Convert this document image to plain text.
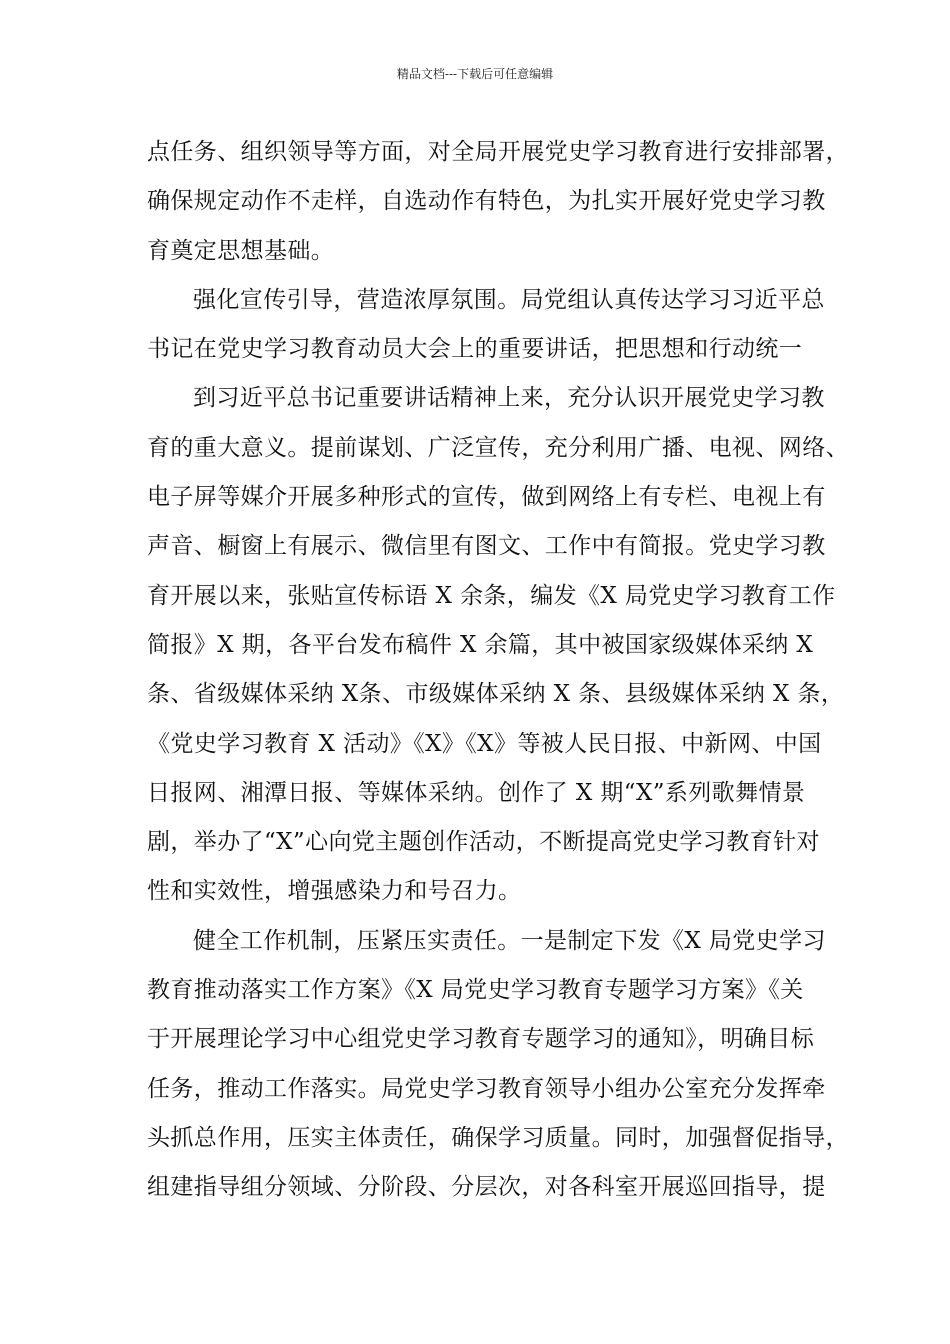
精品文档---下载后可任意编辑
点任务、组织领导等方面，对全局开展党史学习教育进行安排部署，
确保规定动作不走样，自选动作有特色，为扎实开展好党史学习教
育奠定思想基础。
强化宣传引导，营造浓厚氛围。局党组认真传达学习习近平总
书记在党史学习教育动员大会上的重要讲话，把思想和行动统一
到习近平总书记重要讲话精神上来，充分认识开展党史学习教
育的重大意义。提前谋划、广泛宣传，充分利用广播、电视、网络、
电子屏等媒介开展多种形式的宣传，做到网络上有专栏、电视上有
声音、橱窗上有展示、微信里有图文、工作中有简报。党史学习教
育开展以来，张贴宣传标语 X 余条，编发《X 局党史学习教育工作
简报》X 期，各平台发布稿件 X 余篇，其中被国家级媒体采纳 X
条、省级媒体采纳 X条、市级媒体采纳 X 条、县级媒体采纳 X 条，
《党史学习教育 X 活动》《X》《X》等被人民日报、中新网、中国
日报网、湘潭日报、等媒体采纳。创作了 X 期“X”系列歌舞情景
剧，举办了“X”心向党主题创作活动，不断提高党史学习教育针对
性和实效性，增强感染力和号召力。
健全工作机制，压紧压实责任。一是制定下发《X 局党史学习
教育推动落实工作方案》《X 局党史学习教育专题学习方案》《关
于开展理论学习中心组党史学习教育专题学习的通知》，明确目标
任务，推动工作落实。局党史学习教育领导小组办公室充分发挥牵
头抓总作用，压实主体责任，确保学习质量。同时，加强督促指导，
组建指导组分领域、分阶段、分层次，对各科室开展巡回指导，提
